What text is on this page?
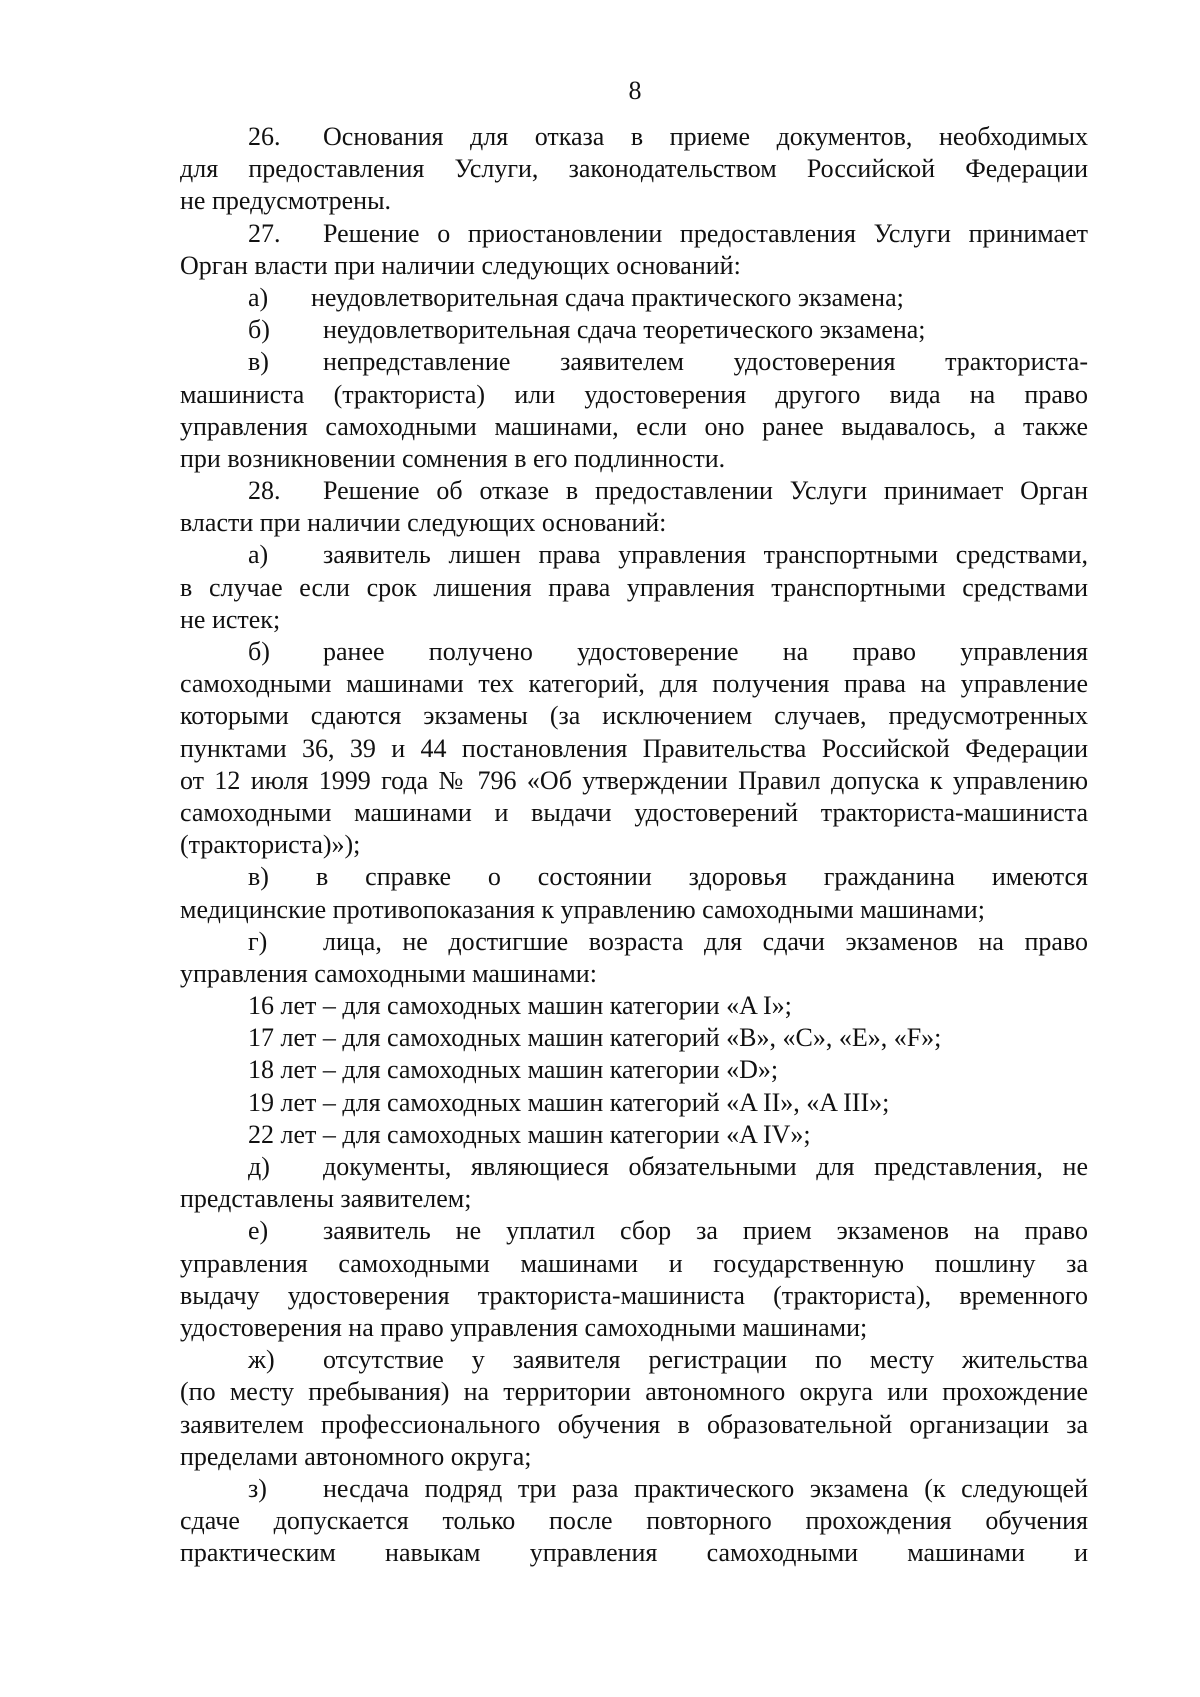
8
26. Основания для отказа в приеме документов, необходимых
для предоставления Услуги, законодательством Российской Федерации
не предусмотрены.
27. Решение о приостановлении предоставления Услуги принимает
Орган власти при наличии следующих оснований:
а) неудовлетворительная сдача практического экзамена;
б) неудовлетворительная сдача теоретического экзамена;
в) непредставление заявителем удостоверения тракториста-
машиниста (тракториста) или удостоверения другого вида на право
управления самоходными машинами, если оно ранее выдавалось, а также
при возникновении сомнения в его подлинности.
28. Решение об отказе в предоставлении Услуги принимает Орган
власти при наличии следующих оснований:
а) заявитель лишен права управления транспортными средствами,
в случае если срок лишения права управления транспортными средствами
не истек;
б) ранее получено удостоверение на право управления
самоходными машинами тех категорий, для получения права на управление
которыми сдаются экзамены (за исключением случаев, предусмотренных
пунктами 36, 39 и 44 постановления Правительства Российской Федерации
от 12 июля 1999 года № 796 «Об утверждении Правил допуска к управлению
самоходными машинами и выдачи удостоверений тракториста-машиниста
(тракториста)»);
в) в справке о состоянии здоровья гражданина имеются
медицинские противопоказания к управлению самоходными машинами;
г) лица, не достигшие возраста для сдачи экзаменов на право
управления самоходными машинами:
16 лет – для самоходных машин категории «A I»;
17 лет – для самоходных машин категорий «B», «C», «E», «F»;
18 лет – для самоходных машин категории «D»;
19 лет – для самоходных машин категорий «A II», «A III»;
22 лет – для самоходных машин категории «A IV»;
д) документы, являющиеся обязательными для представления, не
представлены заявителем;
е) заявитель не уплатил сбор за прием экзаменов на право
управления самоходными машинами и государственную пошлину за
выдачу удостоверения тракториста-машиниста (тракториста), временного
удостоверения на право управления самоходными машинами;
ж) отсутствие у заявителя регистрации по месту жительства
(по месту пребывания) на территории автономного округа или прохождение
заявителем профессионального обучения в образовательной организации за
пределами автономного округа;
з) несдача подряд три раза практического экзамена (к следующей
сдаче допускается только после повторного прохождения обучения
практическим навыкам управления самоходными машинами и
